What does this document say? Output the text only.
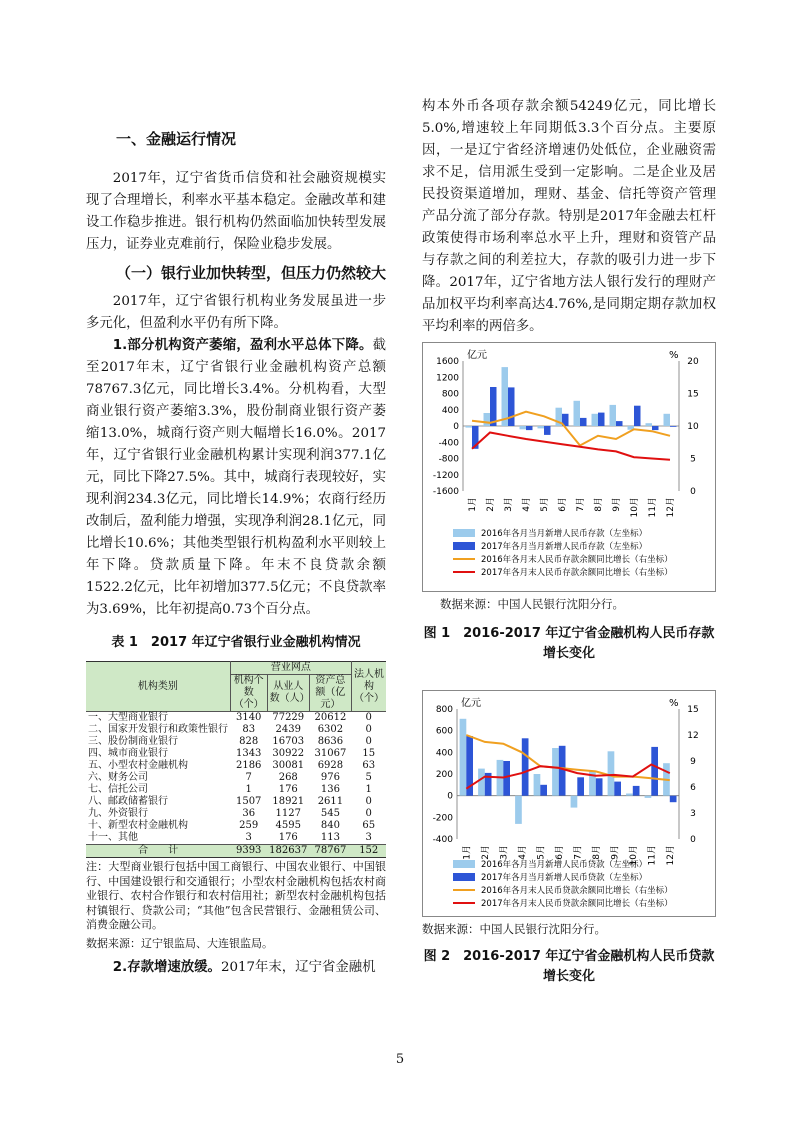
一、金融运行情况

2017年，辽宁省货币信贷和社会融资规模实现了合理增长，利率水平基本稳定。金融改革和建设工作稳步推进。银行机构仍然面临加快转型发展压力，证券业克难前行，保险业稳步发展。

（一）银行业加快转型，但压力仍然较大

2017年，辽宁省银行机构业务发展虽进一步多元化，但盈利水平仍有所下降。

1.部分机构资产萎缩，盈利水平总体下降。截至2017年末，辽宁省银行业金融机构资产总额78767.3亿元，同比增长3.4%。分机构看，大型商业银行资产萎缩3.3%，股份制商业银行资产萎缩13.0%，城商行资产则大幅增长16.0%。2017年，辽宁省银行业金融机构累计实现利润377.1亿元，同比下降27.5%。其中，城商行表现较好，实现利润234.3亿元，同比增长14.9%；农商行经历改制后，盈利能力增强，实现净利润28.1亿元，同比增长10.6%；其他类型银行机构盈利水平则较上年下降。贷款质量下降。年末不良贷款余额1522.2亿元，比年初增加377.5亿元；不良贷款率为3.69%，比年初提高0.73个百分点。

表 1　2017 年辽宁省银行业金融机构情况

机构类别	营业网点			法人机构（个）
	机构个数（个）	从业人数（人）	资产总额（亿元）	
一、大型商业银行	3140	77229	20612	0
二、国家开发银行和政策性银行	83	2439	6302	0
三、股份制商业银行	828	16703	8636	0
四、城市商业银行	1343	30922	31067	15
五、小型农村金融机构	2186	30081	6928	63
六、财务公司	7	268	976	5
七、信托公司	1	176	136	1
八、邮政储蓄银行	1507	18921	2611	0
九、外资银行	36	1127	545	0
十、新型农村金融机构	259	4595	840	65
十一、其他	3	176	113	3
合　　计	9393	182637	78767	152

注：大型商业银行包括中国工商银行、中国农业银行、中国银行、中国建设银行和交通银行；小型农村金融机构包括农村商业银行、农村合作银行和农村信用社；新型农村金融机构包括村镇银行、贷款公司；“其他”包含民营银行、金融租赁公司、消费金融公司。

数据来源：辽宁银监局、大连银监局。

2.存款增速放缓。2017年末，辽宁省金融机

构本外币各项存款余额54249亿元，同比增长5.0%,增速较上年同期低3.3个百分点。主要原因，一是辽宁省经济增速仍处低位，企业融资需求不足，信用派生受到一定影响。二是企业及居民投资渠道增加，理财、基金、信托等资产管理产品分流了部分存款。特别是2017年金融去杠杆政策使得市场利率总水平上升，理财和资管产品与存款之间的利差拉大，存款的吸引力进一步下降。2017年，辽宁省地方法人银行发行的理财产品加权平均利率高达4.76%,是同期定期存款加权平均利率的两倍多。

亿元	%
-1600
-1200
-800
-400
0
400
800
1200
1600
0
5
10
15
20
1月 2月 3月 4月 5月 6月 7月 8月 9月 10月 11月 12月
2016年各月当月新增人民币存款（左坐标）
2017年各月当月新增人民币存款（左坐标）
2016年各月末人民币存款余额同比增长（右坐标）
2017年各月末人民币存款余额同比增长（右坐标）

数据来源：中国人民银行沈阳分行。

图 1　2016-2017 年辽宁省金融机构人民币存款增长变化

亿元	%
-400
-200
0
200
400
600
800
0
3
6
9
12
15
1月 2月 3月 4月 5月 6月 7月 8月 9月 10月 11月 12月
2016年各月当月新增人民币贷款（左坐标）
2017年各月当月新增人民币贷款（左坐标）
2016年各月末人民币贷款余额同比增长（右坐标）
2017年各月末人民币贷款余额同比增长（右坐标）

数据来源：中国人民银行沈阳分行。

图 2　2016-2017 年辽宁省金融机构人民币贷款增长变化

5
